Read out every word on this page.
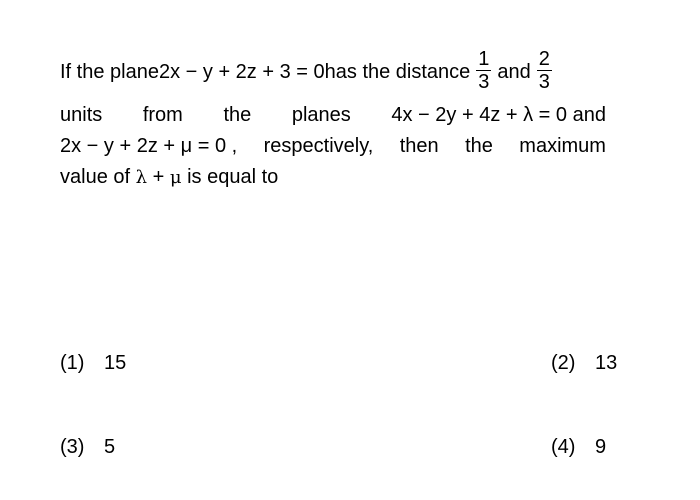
If the plane 2x − y + 2z + 3 = 0 has the distance $\frac{1}{3}$ and $\frac{2}{3}$
units from the planes 4x − 2y + 4z + λ = 0 and
2x − y + 2z + μ = 0 , respectively, then the maximum
value of λ + μ is equal to
(1) 15	(2) 13
(3) 5	(4) 9
